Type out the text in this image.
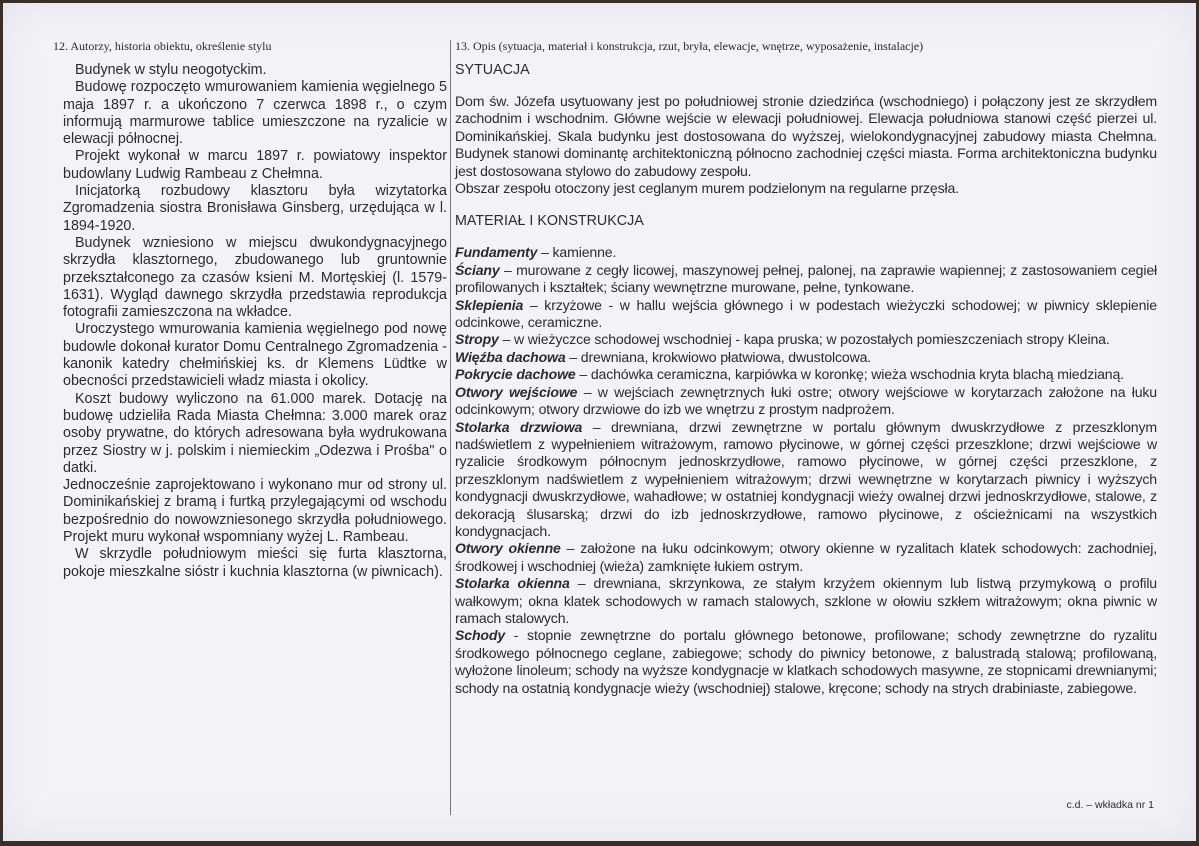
12. Autorzy, historia obiektu, określenie stylu

Budynek w stylu neogotyckim.

Budowę rozpoczęto wmurowaniem kamienia węgielnego 5 maja 1897 r. a ukończono 7 czerwca 1898 r., o czym informują marmurowe tablice umieszczone na ryzalicie w elewacji północnej.

Projekt wykonał w marcu 1897 r. powiatowy inspektor budowlany Ludwig Rambeau z Chełmna.

Inicjatorką rozbudowy klasztoru była wizytatorka Zgromadzenia siostra Bronisława Ginsberg, urzędująca w l. 1894-1920.

Budynek wzniesiono w miejscu dwukondygnacyjnego skrzydła klasztornego, zbudowanego lub gruntownie przekształconego za czasów ksieni M. Mortęskiej (l. 1579-1631). Wygląd dawnego skrzydła przedstawia reprodukcja fotografii zamieszczona na wkładce.

Uroczystego wmurowania kamienia węgielnego pod nowę budowle dokonał kurator Domu Centralnego Zgromadzenia - kanonik katedry chełmińskiej ks. dr Klemens Lüdtke w obecności przedstawicieli władz miasta i okolicy.

Koszt budowy wyliczono na 61.000 marek. Dotację na budowę udzieliła Rada Miasta Chełmna: 3.000 marek oraz osoby prywatne, do których adresowana była wydrukowana przez Siostry w j. polskim i niemieckim „Odezwa i Prośba" o datki.

Jednocześnie zaprojektowano i wykonano mur od strony ul. Dominikańskiej z bramą i furtką przylegającymi od wschodu bezpośrednio do nowowzniesonego skrzydła południowego. Projekt muru wykonał wspomniany wyżej L. Rambeau.

W skrzydle południowym mieści się furta klasztorna, pokoje mieszkalne sióstr i kuchnia klasztorna (w piwnicach).

13. Opis (sytuacja, materiał i konstrukcja, rzut, bryła, elewacje, wnętrze, wyposażenie, instalacje)

SYTUACJA

Dom św. Józefa usytuowany jest po południowej stronie dziedzińca (wschodniego) i połączony jest ze skrzydłem zachodnim i wschodnim. Główne wejście w elewacji południowej. Elewacja południowa stanowi część pierzei ul. Dominikańskiej. Skala budynku jest dostosowana do wyższej, wielokondygnacyjnej zabudowy miasta Chełmna. Budynek stanowi dominantę architektoniczną północno zachodniej części miasta. Forma architektoniczna budynku jest dostosowana stylowo do zabudowy zespołu.

Obszar zespołu otoczony jest ceglanym murem podzielonym na regularne przęsła.

MATERIAŁ I KONSTRUKCJA

Fundamenty – kamienne.

Ściany – murowane z cegły licowej, maszynowej pełnej, palonej, na zaprawie wapiennej; z zastosowaniem cegieł profilowanych i kształtek; ściany wewnętrzne murowane, pełne, tynkowane.

Sklepienia – krzyżowe - w hallu wejścia głównego i w podestach wieżyczki schodowej; w piwnicy sklepienie odcinkowe, ceramiczne.

Stropy – w wieżyczce schodowej wschodniej - kapa pruska; w pozostałych pomieszczeniach stropy Kleina.

Więźba dachowa – drewniana, krokwiowo płatwiowa, dwustolcowa.

Pokrycie dachowe – dachówka ceramiczna, karpiówka w koronkę; wieża wschodnia kryta blachą miedzianą.

Otwory wejściowe – w wejściach zewnętrznych łuki ostre; otwory wejściowe w korytarzach założone na łuku odcinkowym; otwory drzwiowe do izb we wnętrzu z prostym nadprożem.

Stolarka drzwiowa – drewniana, drzwi zewnętrzne w portalu głównym dwuskrzydłowe z przeszklonym nadświetlem z wypełnieniem witrażowym, ramowo płycinowe, w górnej części przeszklone; drzwi wejściowe w ryzalicie środkowym północnym jednoskrzydłowe, ramowo płycinowe, w górnej części przeszklone, z przeszklonym nadświetlem z wypełnieniem witrażowym; drzwi wewnętrzne w korytarzach piwnicy i wyższych kondygnacji dwuskrzydłowe, wahadłowe; w ostatniej kondygnacji wieży owalnej drzwi jednoskrzydłowe, stalowe, z dekoracją ślusarską; drzwi do izb jednoskrzydłowe, ramowo płycinowe, z ościeżnicami na wszystkich kondygnacjach.

Otwory okienne – założone na łuku odcinkowym; otwory okienne w ryzalitach klatek schodowych: zachodniej, środkowej i wschodniej (wieża) zamknięte łukiem ostrym.

Stolarka okienna – drewniana, skrzynkowa, ze stałym krzyżem okiennym lub listwą przymykową o profilu wałkowym; okna klatek schodowych w ramach stalowych, szklone w ołowiu szkłem witrażowym; okna piwnic w ramach stalowych.

Schody - stopnie zewnętrzne do portalu głównego betonowe, profilowane; schody zewnętrzne do ryzalitu środkowego północnego ceglane, zabiegowe; schody do piwnicy betonowe, z balustradą stalową; profilowaną, wyłożone linoleum; schody na wyższe kondygnacje w klatkach schodowych masywne, ze stopnicami drewnianymi; schody na ostatnią kondygnacje wieży (wschodniej) stalowe, kręcone; schody na strych drabiniaste, zabiegowe.

c.d. – wkładka nr 1
